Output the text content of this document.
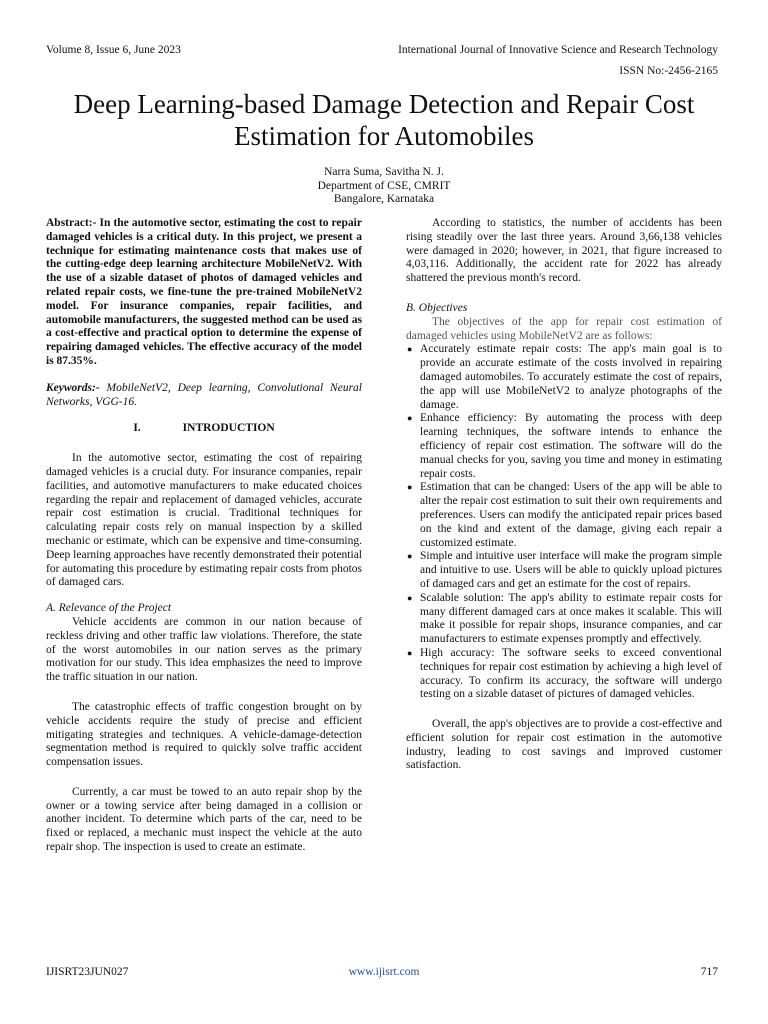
Volume 8, Issue 6, June 2023	International Journal of Innovative Science and Research Technology
ISSN No:-2456-2165
Deep Learning-based Damage Detection and Repair Cost Estimation for Automobiles
Narra Suma, Savitha N. J.
Department of CSE, CMRIT
Bangalore, Karnataka

Abstract:- In the automotive sector, estimating the cost to repair damaged vehicles is a critical duty. In this project, we present a technique for estimating maintenance costs that makes use of the cutting-edge deep learning architecture MobileNetV2. With the use of a sizable dataset of photos of damaged vehicles and related repair costs, we fine-tune the pre-trained MobileNetV2 model. For insurance companies, repair facilities, and automobile manufacturers, the suggested method can be used as a cost-effective and practical option to determine the expense of repairing damaged vehicles. The effective accuracy of the model is 87.35%.

Keywords:- MobileNetV2, Deep learning, Convolutional Neural Networks, VGG-16.

I.	INTRODUCTION

In the automotive sector, estimating the cost of repairing damaged vehicles is a crucial duty. For insurance companies, repair facilities, and automotive manufacturers to make educated choices regarding the repair and replacement of damaged vehicles, accurate repair cost estimation is crucial. Traditional techniques for calculating repair costs rely on manual inspection by a skilled mechanic or estimate, which can be expensive and time-consuming. Deep learning approaches have recently demonstrated their potential for automating this procedure by estimating repair costs from photos of damaged cars.

A. Relevance of the Project

Vehicle accidents are common in our nation because of reckless driving and other traffic law violations. Therefore, the state of the worst automobiles in our nation serves as the primary motivation for our study. This idea emphasizes the need to improve the traffic situation in our nation.

The catastrophic effects of traffic congestion brought on by vehicle accidents require the study of precise and efficient mitigating strategies and techniques. A vehicle-damage-detection segmentation method is required to quickly solve traffic accident compensation issues.

Currently, a car must be towed to an auto repair shop by the owner or a towing service after being damaged in a collision or another incident. To determine which parts of the car, need to be fixed or replaced, a mechanic must inspect the vehicle at the auto repair shop. The inspection is used to create an estimate.

According to statistics, the number of accidents has been rising steadily over the last three years. Around 3,66,138 vehicles were damaged in 2020; however, in 2021, that figure increased to 4,03,116. Additionally, the accident rate for 2022 has already shattered the previous month's record.

B. Objectives

The objectives of the app for repair cost estimation of damaged vehicles using MobileNetV2 are as follows:

● Accurately estimate repair costs: The app's main goal is to provide an accurate estimate of the costs involved in repairing damaged automobiles. To accurately estimate the cost of repairs, the app will use MobileNetV2 to analyze photographs of the damage.
● Enhance efficiency: By automating the process with deep learning techniques, the software intends to enhance the efficiency of repair cost estimation. The software will do the manual checks for you, saving you time and money in estimating repair costs.
● Estimation that can be changed: Users of the app will be able to alter the repair cost estimation to suit their own requirements and preferences. Users can modify the anticipated repair prices based on the kind and extent of the damage, giving each repair a customized estimate.
● Simple and intuitive user interface will make the program simple and intuitive to use. Users will be able to quickly upload pictures of damaged cars and get an estimate for the cost of repairs.
● Scalable solution: The app's ability to estimate repair costs for many different damaged cars at once makes it scalable. This will make it possible for repair shops, insurance companies, and car manufacturers to estimate expenses promptly and effectively.
● High accuracy: The software seeks to exceed conventional techniques for repair cost estimation by achieving a high level of accuracy. To confirm its accuracy, the software will undergo testing on a sizable dataset of pictures of damaged vehicles.

Overall, the app's objectives are to provide a cost-effective and efficient solution for repair cost estimation in the automotive industry, leading to cost savings and improved customer satisfaction.

IJISRT23JUN027	www.ijisrt.com	717
